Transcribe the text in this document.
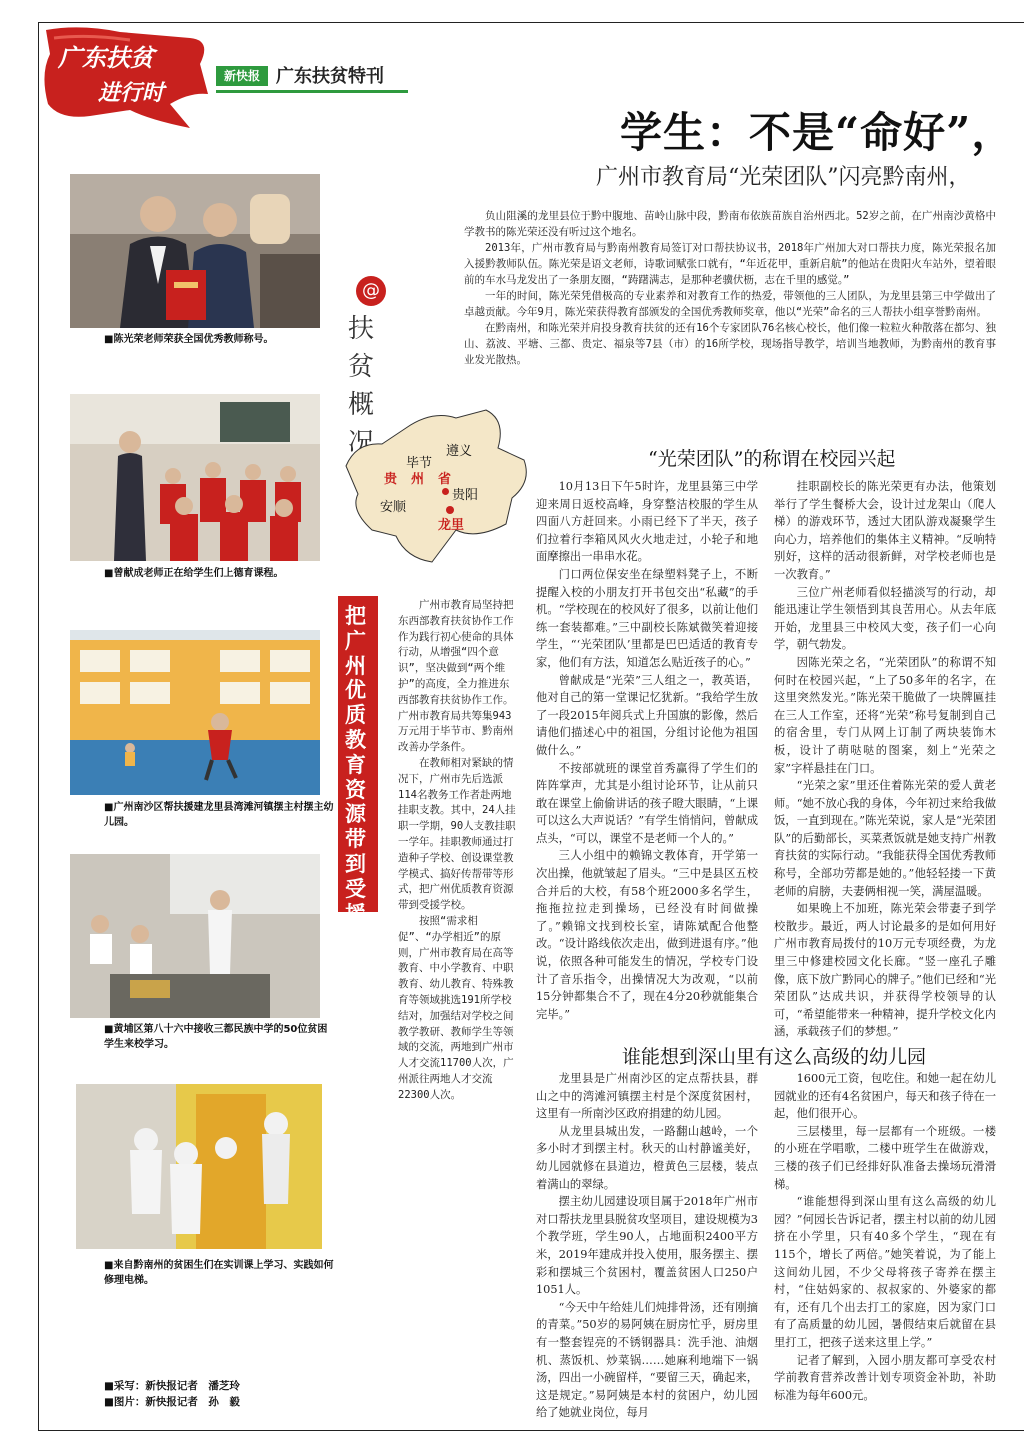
广东扶贫
进行时
新快报 广东扶贫特刊
学生：不是“命好”，
广州市教育局“光荣团队”闪亮黔南州，
■陈光荣老师荣获全国优秀教师称号。
■曾献成老师正在给学生们上德育课程。
■广州南沙区帮扶援建龙里县湾滩河镇摆主村摆主幼儿园。
■黄埔区第八十六中接收三都民族中学的50位贫困学生来校学习。
■来自黔南州的贫困生们在实训课上学习、实践如何修理电梯。
@
扶贫概况

负山阻溪的龙里县位于黔中腹地、苗岭山脉中段，黔南布依族苗族自治州西北。52岁之前，在广州南沙黄格中学教书的陈光荣还没有听过这个地名。

2013年，广州市教育局与黔南州教育局签订对口帮扶协议书，2018年广州加大对口帮扶力度，陈光荣报名加入援黔教师队伍。陈光荣是语文老师，诗歌词赋张口就有，“年近花甲，重新启航”的他站在贵阳火车站外，望着眼前的车水马龙发出了一条朋友圈，“踌躇满志，是那种老骥伏枥，志在千里的感觉。”

一年的时间，陈光荣凭借极高的专业素养和对教育工作的热爱，带领他的三人团队，为龙里县第三中学做出了卓越贡献。今年9月，陈光荣获得教育部颁发的全国优秀教师奖章，他以“光荣”命名的三人帮扶小组享誉黔南州。

在黔南州，和陈光荣并肩投身教育扶贫的还有16个专家团队76名核心校长，他们像一粒粒火种散落在都匀、独山、荔波、平塘、三都、贵定、福泉等7县（市）的16所学校，现场指导教学，培训当地教师，为黔南州的教育事业发光散热。

毕节
遵义
贵阳
安顺
龙里
贵州省
把广州优质教育资源带到受援学校

广州市教育局坚持把东西部教育扶贫协作工作作为践行初心使命的具体行动，从增强“四个意识”，坚决做到“两个维护”的高度，全力推进东西部教育扶贫协作工作。广州市教育局共筹集943万元用于毕节市、黔南州改善办学条件。

在教师相对紧缺的情况下，广州市先后选派114名教务工作者赴两地挂职支教。其中，24人挂职一学期，90人支教挂职一学年。挂职教师通过打造种子学校、创设课堂教学模式、搞好传帮带等形式，把广州优质教育资源带到受援学校。

按照“需求相促”、“办学相近”的原则，广州市教育局在高等教育、中小学教育、中职教育、幼儿教育、特殊教育等领域挑选191所学校结对，加强结对学校之间教学教研、教师学生等领域的交流，两地到广州市人才交流11700人次，广州派往两地人才交流22300人次。

“光荣团队”的称谓在校园兴起

10月13日下午5时许，龙里县第三中学迎来周日返校高峰，身穿整洁校服的学生从四面八方赶回来。小雨已经下了半天，孩子们拉着行李箱风风火火地走过，小轮子和地面摩擦出一串串水花。

门口两位保安坐在绿塑料凳子上，不断提醒入校的小朋友打开书包交出“私藏”的手机。“学校现在的校风好了很多，以前让他们练一套装都难。”三中副校长陈斌微笑着迎接学生，“‘光荣团队’里都是巴巴适适的教育专家，他们有方法，知道怎么贴近孩子的心。”

曾献成是“光荣”三人组之一，教英语，他对自己的第一堂课记忆犹新。“我给学生放了一段2015年阅兵式上升国旗的影像，然后请他们描述心中的祖国，分组讨论他为祖国做什么。”

不按部就班的课堂首秀赢得了学生们的阵阵掌声，尤其是小组讨论环节，让从前只敢在课堂上偷偷讲话的孩子瞪大眼睛，“上课可以这么大声说话？”有学生悄悄问，曾献成点头，“可以，课堂不是老师一个人的。”

三人小组中的赖锦文教体育，开学第一次出操，他就皱起了眉头。“三中是县区五校合并后的大校，有58个班2000多名学生，拖拖拉拉走到操场，已经没有时间做操了。”赖锦文找到校长室，请陈斌配合他整改。“设计路线依次走出，做到进退有序。”他说，依照各种可能发生的情况，学校专门设计了音乐指令，出操情况大为改观，“以前15分钟都集合不了，现在4分20秒就能集合完毕。”

挂职副校长的陈光荣更有办法，他策划举行了学生餐桥大会，设计过龙架山（爬人梯）的游戏环节，透过大团队游戏凝聚学生向心力，培养他们的集体主义精神。“反响特别好，这样的活动很新鲜，对学校老师也是一次教育。”

三位广州老师看似轻描淡写的行动，却能迅速让学生领悟到其良苦用心。从去年底开始，龙里县三中校风大变，孩子们一心向学，朝气勃发。

因陈光荣之名，“光荣团队”的称谓不知何时在校园兴起，“上了50多年的名字，在这里突然发光。”陈光荣干脆做了一块牌匾挂在三人工作室，还将“光荣”称号复制到自己的宿舍里，专门从网上订制了两块装饰木板，设计了萌哒哒的图案，刻上“光荣之家”字样悬挂在门口。

“光荣之家”里还住着陈光荣的爱人黄老师。“她不放心我的身体，今年初过来给我做饭，一直到现在。”陈光荣说，家人是“光荣团队”的后勤部长，买菜煮饭就是她支持广州教育扶贫的实际行动。“我能获得全国优秀教师称号，全部功劳都是她的。”他轻轻搂一下黄老师的肩膀，夫妻俩相视一笑，满屋温暖。

如果晚上不加班，陈光荣会带妻子到学校散步。最近，两人讨论最多的是如何用好广州市教育局拨付的10万元专项经费，为龙里三中修建校园文化长廊。“竖一座孔子雕像，底下放广黔同心的牌子。”他们已经和“光荣团队”达成共识，并获得学校领导的认可，“希望能带来一种精神，提升学校文化内涵，承载孩子们的梦想。”

谁能想到深山里有这么高级的幼儿园

龙里县是广州南沙区的定点帮扶县，群山之中的湾滩河镇摆主村是个深度贫困村，这里有一所南沙区政府捐建的幼儿园。

从龙里县城出发，一路翻山越岭，一个多小时才到摆主村。秋天的山村静谧美好，幼儿园就修在县道边，橙黄色三层楼，装点着满山的翠绿。

摆主幼儿园建设项目属于2018年广州市对口帮扶龙里县脱贫攻坚项目，建设规模为3个教学班，学生90人，占地面积2400平方米，2019年建成并投入使用，服务摆主、摆彩和摆城三个贫困村，覆盖贫困人口250户1051人。

“今天中午给娃儿们炖排骨汤，还有刚摘的青菜。”50岁的易阿姨在厨房忙乎，厨房里有一整套锃亮的不锈钢器具：洗手池、油烟机、蒸饭机、炒菜锅……她麻利地端下一锅汤，四出一小碗留样，“要留三天，确起来，这是规定。”易阿姨是本村的贫困户，幼儿园给了她就业岗位，每月

1600元工资，包吃住。和她一起在幼儿园就业的还有4名贫困户，每天和孩子待在一起，他们很开心。

三层楼里，每一层都有一个班级。一楼的小班在学唱歌，二楼中班学生在做游戏，三楼的孩子们已经排好队准备去操场玩滑滑梯。

“谁能想得到深山里有这么高级的幼儿园？”何园长告诉记者，摆主村以前的幼儿园挤在小学里，只有40多个学生，“现在有115个，增长了两倍。”她笑着说，为了能上这间幼儿园，不少父母将孩子寄养在摆主村，“住姑妈家的、叔叔家的、外婆家的都有，还有几个出去打工的家庭，因为家门口有了高质量的幼儿园，暑假结束后就留在县里打工，把孩子送来这里上学。”

记者了解到，入园小朋友都可享受农村学前教育营养改善计划专项资金补助，补助标准为每年600元。

■采写：新快报记者　潘芝玲
■图片：新快报记者　孙　毅
